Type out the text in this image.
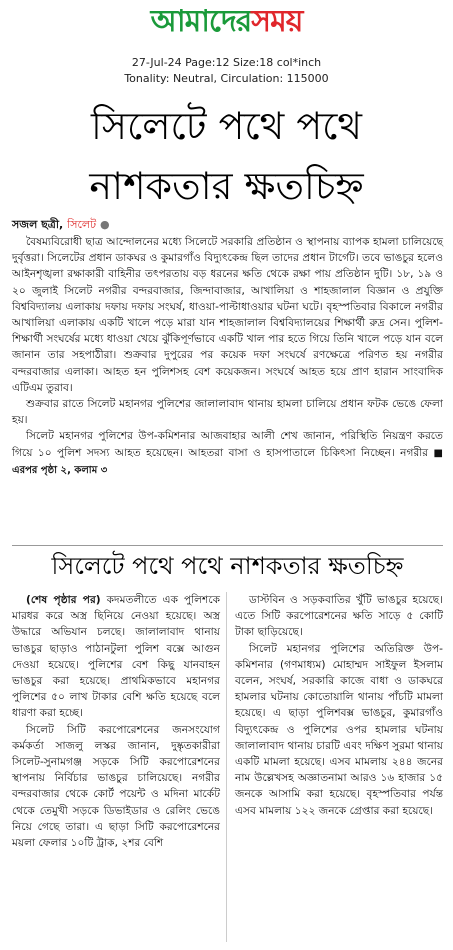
আমাদেরসময়
27-Jul-24 Page:12 Size:18 col*inch
Tonality: Neutral, Circulation: 115000
সিলেটে পথে পথে
নাশকতার ক্ষতচিহ্ন
সজল ছত্রী, সিলেট ●

বৈষম্যবিরোধী ছাত্র আন্দোলনের মধ্যে সিলেটে সরকারি প্রতিষ্ঠান ও স্থাপনায় ব্যাপক হামলা চালিয়েছে দুর্বৃত্তরা। সিলেটের প্রধান ডাকঘর ও কুমারগাঁও বিদ্যুৎকেন্দ্র ছিল তাদের প্রধান টার্গেট। তবে ভাঙচুর হলেও আইনশৃঙ্খলা রক্ষাকারী বাহিনীর তৎপরতায় বড় ধরনের ক্ষতি থেকে রক্ষা পায় প্রতিষ্ঠান দুটি। ১৮, ১৯ ও ২০ জুলাই সিলেট নগরীর বন্দরবাজার, জিন্দাবাজার, আখালিয়া ও শাহজালাল বিজ্ঞান ও প্রযুক্তি বিশ্ববিদ্যালয় এলাকায় দফায় দফায় সংঘর্ষ, ধাওয়া-পাল্টাধাওয়ার ঘটনা ঘটে। বৃহস্পতিবার বিকালে নগরীর আখালিয়া এলাকায় একটি খালে পড়ে মারা যান শাহজালাল বিশ্ববিদ্যালয়ের শিক্ষার্থী রুদ্র সেন। পুলিশ-শিক্ষার্থী সংঘর্ষের মধ্যে ধাওয়া খেয়ে ঝুঁকিপূর্ণভাবে একটি খাল পার হতে গিয়ে তিনি খালে পড়ে যান বলে জানান তার সহপাঠীরা। শুক্রবার দুপুরের পর কয়েক দফা সংঘর্ষে রণক্ষেত্রে পরিণত হয় নগরীর বন্দরবাজার এলাকা। আহত হন পুলিশসহ বেশ কয়েকজন। সংঘর্ষে আহত হয়ে প্রাণ হারান সাংবাদিক এটিএম তুরাব।

শুক্রবার রাতে সিলেট মহানগর পুলিশের জালালাবাদ থানায় হামলা চালিয়ে প্রধান ফটক ভেঙে ফেলা হয়।

সিলেট মহানগর পুলিশের উপ-কমিশনার আজবাহার আলী শেখ জানান, পরিস্থিতি নিয়ন্ত্রণ করতে গিয়ে ১০ পুলিশ সদস্য আহত হয়েছেন। আহতরা বাসা ও হাসপাতালে চিকিৎসা নিচ্ছেন। নগরীর ■ এরপর পৃষ্ঠা ২, কলাম ৩

সিলেটে পথে পথে নাশকতার ক্ষতচিহ্ন

(শেষ পৃষ্ঠার পর) কদমতলীতে এক পুলিশকে মারধর করে অস্ত্র ছিনিয়ে নেওয়া হয়েছে। অস্ত্র উদ্ধারে অভিযান চলছে। জালালাবাদ থানায় ভাঙচুর ছাড়াও পাঠানটুলা পুলিশ বক্সে আগুন দেওয়া হয়েছে। পুলিশের বেশ কিছু যানবাহন ভাঙচুর করা হয়েছে। প্রাথমিকভাবে মহানগর পুলিশের ৫০ লাখ টাকার বেশি ক্ষতি হয়েছে বলে ধারণা করা হচ্ছে।

সিলেট সিটি করপোরেশনের জনসংযোগ কর্মকর্তা সাজলু লস্কর জানান, দুষ্কৃতকারীরা সিলেট-সুনামগঞ্জ সড়কে সিটি করপোরেশনের স্থাপনায় নির্বিচার ভাঙচুর চালিয়েছে। নগরীর বন্দরবাজার থেকে কোর্ট পয়েন্ট ও মদিনা মার্কেট থেকে তেমুখী সড়কে ডিভাইডার ও রেলিং ভেঙে নিয়ে গেছে তারা। এ ছাড়া সিটি করপোরেশনের ময়লা ফেলার ১০টি ট্রাক, ২শর বেশি

ডাস্টবিন ও সড়কবাতির খুঁটি ভাঙচুর হয়েছে। এতে সিটি করপোরেশনের ক্ষতি সাড়ে ৫ কোটি টাকা ছাড়িয়েছে।

সিলেট মহানগর পুলিশের অতিরিক্ত উপ-কমিশনার (গণমাধ্যম) মোহাম্মদ সাইফুল ইসলাম বলেন, সংঘর্ষ, সরকারি কাজে বাধা ও ডাকঘরে হামলার ঘটনায় কোতোয়ালি থানায় পাঁচটি মামলা হয়েছে। এ ছাড়া পুলিশবক্স ভাঙচুর, কুমারগাঁও বিদ্যুৎকেন্দ্র ও পুলিশের ওপর হামলার ঘটনায় জালালাবাদ থানায় চারটি এবং দক্ষিণ সুরমা থানায় একটি মামলা হয়েছে। এসব মামলায় ২৪৪ জনের নাম উল্লেখসহ অজ্ঞাতনামা আরও ১৬ হাজার ১৫ জনকে আসামি করা হয়েছে। বৃহস্পতিবার পর্যন্ত এসব মামলায় ১২২ জনকে গ্রেপ্তার করা হয়েছে।
